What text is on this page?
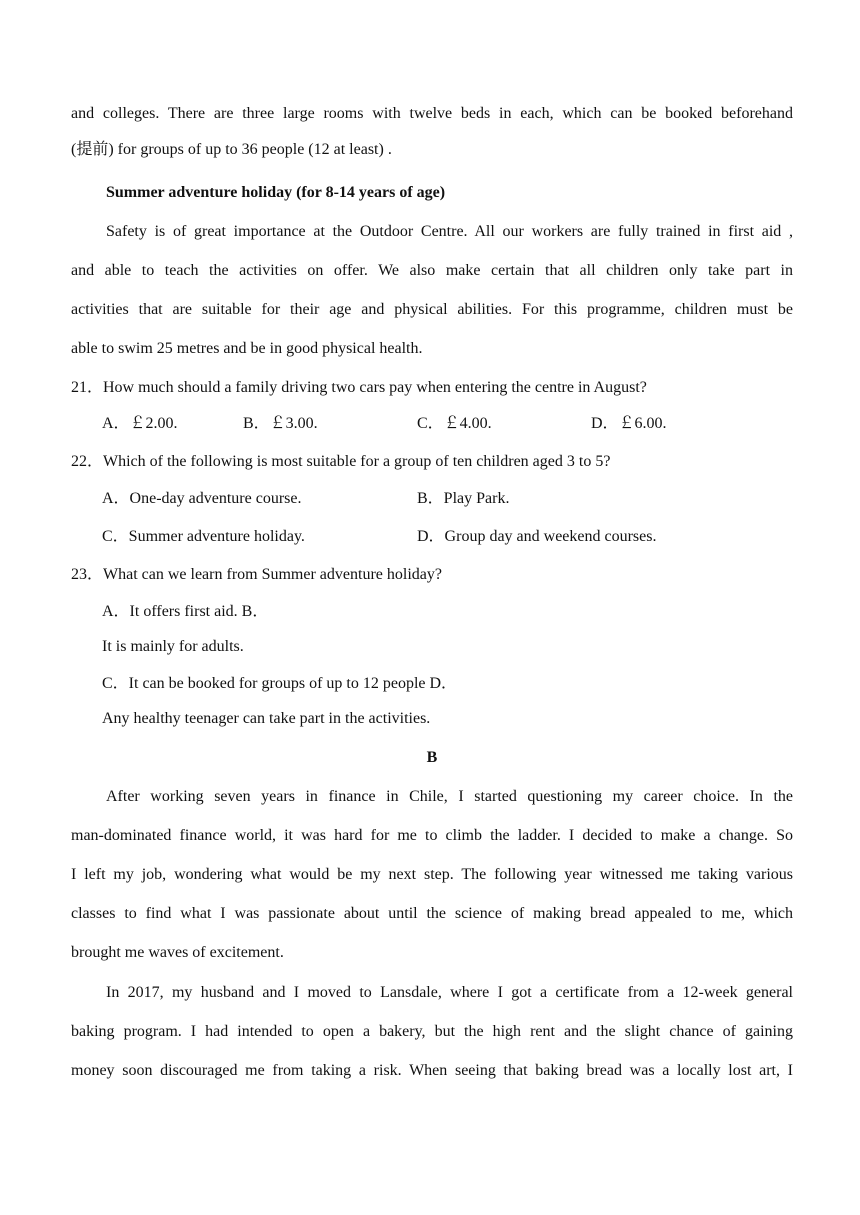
and colleges. There are three large rooms with twelve beds in each, which can be booked beforehand
(提前) for groups of up to 36 people (12 at least) .
Summer adventure holiday (for 8-14 years of age)
Safety is of great importance at the Outdoor Centre. All our workers are fully trained in first aid ,
and able to teach the activities on offer. We also make certain that all children only take part in
activities that are suitable for their age and physical abilities. For this programme, children must be
able to swim 25 metres and be in good physical health.
21．How much should a family driving two cars pay when entering the centre in August?
A．￡2.00.	B．￡3.00.	C．￡4.00.	D．￡6.00.
22．Which of the following is most suitable for a group of ten children aged 3 to 5?
A．One-day adventure course.	B．Play Park.
C．Summer adventure holiday.	D．Group day and weekend courses.
23．What can we learn from Summer adventure holiday?
A．It offers first aid. B．
It is mainly for adults.
C．It can be booked for groups of up to 12 people D．
Any healthy teenager can take part in the activities.
B
After working seven years in finance in Chile, I started questioning my career choice. In the
man-dominated finance world, it was hard for me to climb the ladder. I decided to make a change. So
I left my job, wondering what would be my next step. The following year witnessed me taking various
classes to find what I was passionate about until the science of making bread appealed to me, which
brought me waves of excitement.
In 2017, my husband and I moved to Lansdale, where I got a certificate from a 12-week general
baking program. I had intended to open a bakery, but the high rent and the slight chance of gaining
money soon discouraged me from taking a risk. When seeing that baking bread was a locally lost art, I
